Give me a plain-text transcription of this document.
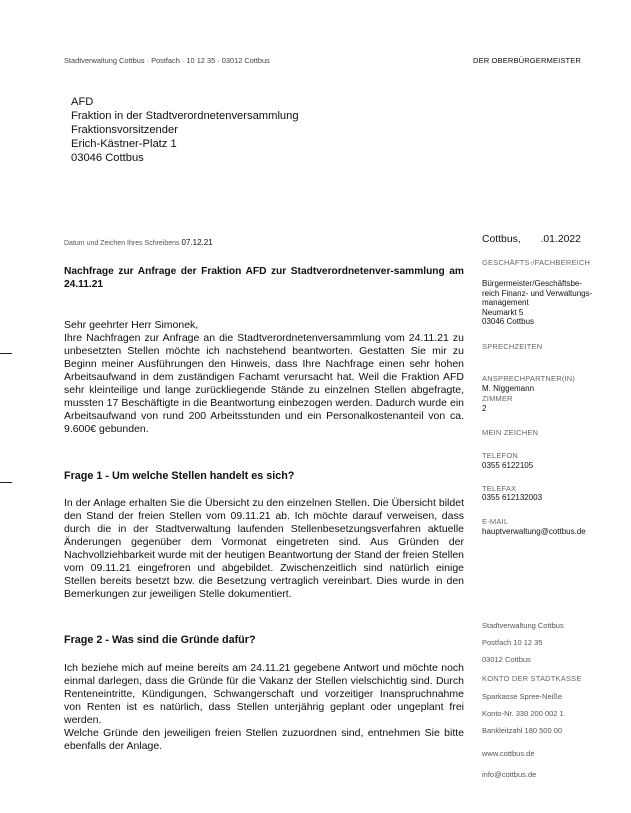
Stadtverwaltung Cottbus · Postfach · 10 12 35 · 03012 Cottbus	DER OBERBÜRGERMEISTER
AFD
Fraktion in der Stadtverordnetenversammlung
Fraktionsvorsitzender
Erich-Kästner-Platz 1
03046 Cottbus
Datum und Zeichen Ihres Schreibens 07.12.21	Cottbus, .01.2022
Nachfrage zur Anfrage der Fraktion AFD zur Stadtverordnetenver-sammlung am 24.11.21

Sehr geehrter Herr Simonek,

Ihre Nachfragen zur Anfrage an die Stadtverordnetenversammlung vom 24.11.21 zu unbesetzten Stellen möchte ich nachstehend beantworten. Gestatten Sie mir zu Beginn meiner Ausführungen den Hinweis, dass Ihre Nachfrage einen sehr hohen Arbeitsaufwand in dem zuständigen Fachamt verursacht hat. Weil die Fraktion AFD sehr kleinteilige und lange zurückliegende Stände zu einzelnen Stellen abgefragte, mussten 17 Beschäftigte in die Beantwortung einbezogen werden. Dadurch wurde ein Arbeitsaufwand von rund 200 Arbeitsstunden und ein Personalkostenanteil von ca. 9.600€ gebunden.

Frage 1 - Um welche Stellen handelt es sich?
In der Anlage erhalten Sie die Übersicht zu den einzelnen Stellen. Die Übersicht bildet den Stand der freien Stellen vom 09.11.21 ab. Ich möchte darauf verweisen, dass durch die in der Stadtverwaltung laufenden Stellenbesetzungsverfahren aktuelle Änderungen gegenüber dem Vormonat eingetreten sind. Aus Gründen der Nachvollziehbarkeit wurde mit der heutigen Beantwortung der Stand der freien Stellen vom 09.11.21 eingefroren und abgebildet. Zwischenzeitlich sind natürlich einige Stellen bereits besetzt bzw. die Besetzung vertraglich vereinbart. Dies wurde in den Bemerkungen zur jeweiligen Stelle dokumentiert.
Frage 2 - Was sind die Gründe dafür?

Ich beziehe mich auf meine bereits am 24.11.21 gegebene Antwort und möchte noch einmal darlegen, dass die Gründe für die Vakanz der Stellen vielschichtig sind. Durch Renteneintritte, Kündigungen, Schwangerschaft und vorzeitiger Inanspruchnahme von Renten ist es natürlich, dass Stellen unterjährig geplant oder ungeplant frei werden.

Welche Gründe den jeweiligen freien Stellen zuzuordnen sind, entnehmen Sie bitte ebenfalls der Anlage.

GESCHÄFTS-/FACHBEREICH
Bürgermeister/Geschäftsbe-
reich Finanz- und Verwaltungs-
management
Neumarkt 5
03046 Cottbus
SPRECHZEITEN
ANSPRECHPARTNER(IN)
M. Niggemann
ZIMMER
2
MEIN ZEICHEN
TELEFON
0355 6122105
TELEFAX
0355 612132003
E-MAIL
hauptverwaltung@cottbus.de
Stadtverwaltung Cottbus
Postfach 10 12 35
03012 Cottbus
KONTO DER STADTKASSE
Sparkasse Spree-Neiße
Konto-Nr. 330 200 002 1
Bankleitzahl 180 500 00
www.cottbus.de
info@cottbus.de
